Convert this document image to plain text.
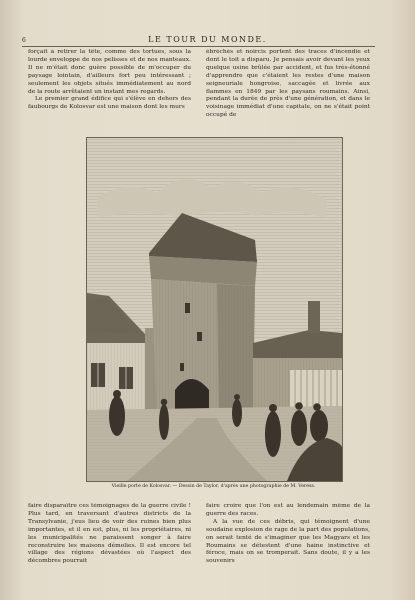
6	LE TOUR DU MONDE.

forçait à retirer la tête, comme des tortues, sous la lourde enveloppe de nos pelisses et de nos manteaux. Il ne m'était donc guère possible de m'occuper du paysage lointain, d'ailleurs fort peu intéressant ; seulement les objets situés immédiatement au nord de la route arrêtaient un instant mes regards.

Le premier grand édifice qui s'élève en dehors des faubourgs de Kolosvar est une maison dont les murs

ébréchés et noircis portent des traces d'incendie et dont le toit a disparu. Je pensais avoir devant les yeux quelque usine brûlée par accident, et fus très-étonné d'apprendre que c'étaient les restes d'une maison seigneuriale hongroise, saccagée et livrée aux flammes en 1849 par les paysans roumains. Ainsi, pendant la durée de près d'une génération, et dans le voisinage immédiat d'une capitale, on ne s'était point occupé de

Vieille porte de Kolosvar. — Dessin de Taylor, d'après une photographie de M. Veress.

faire disparaître ces témoignages de la guerre civile ! Plus tard, en traversant d'autres districts de la Transylvanie, j'eus lieu de voir des ruines bien plus importantes, et il en est, plus, ni les propriétaires, ni les municipalités ne paraissent songer à faire reconstruire les maisons démolies. Il est encore tel village des régions dévastées où l'aspect des décombres pourrait

faire croire que l'on est au lendemain même de la guerre des races.

A la vue de ces débris, qui témoignent d'une soudaine explosion de rage de la part des populations, on serait tenté de s'imaginer que les Magyars et les Roumains se détestent d'une haine instinctive et féroce, mais on se tromperait. Sans doute, il y a les souvenirs
